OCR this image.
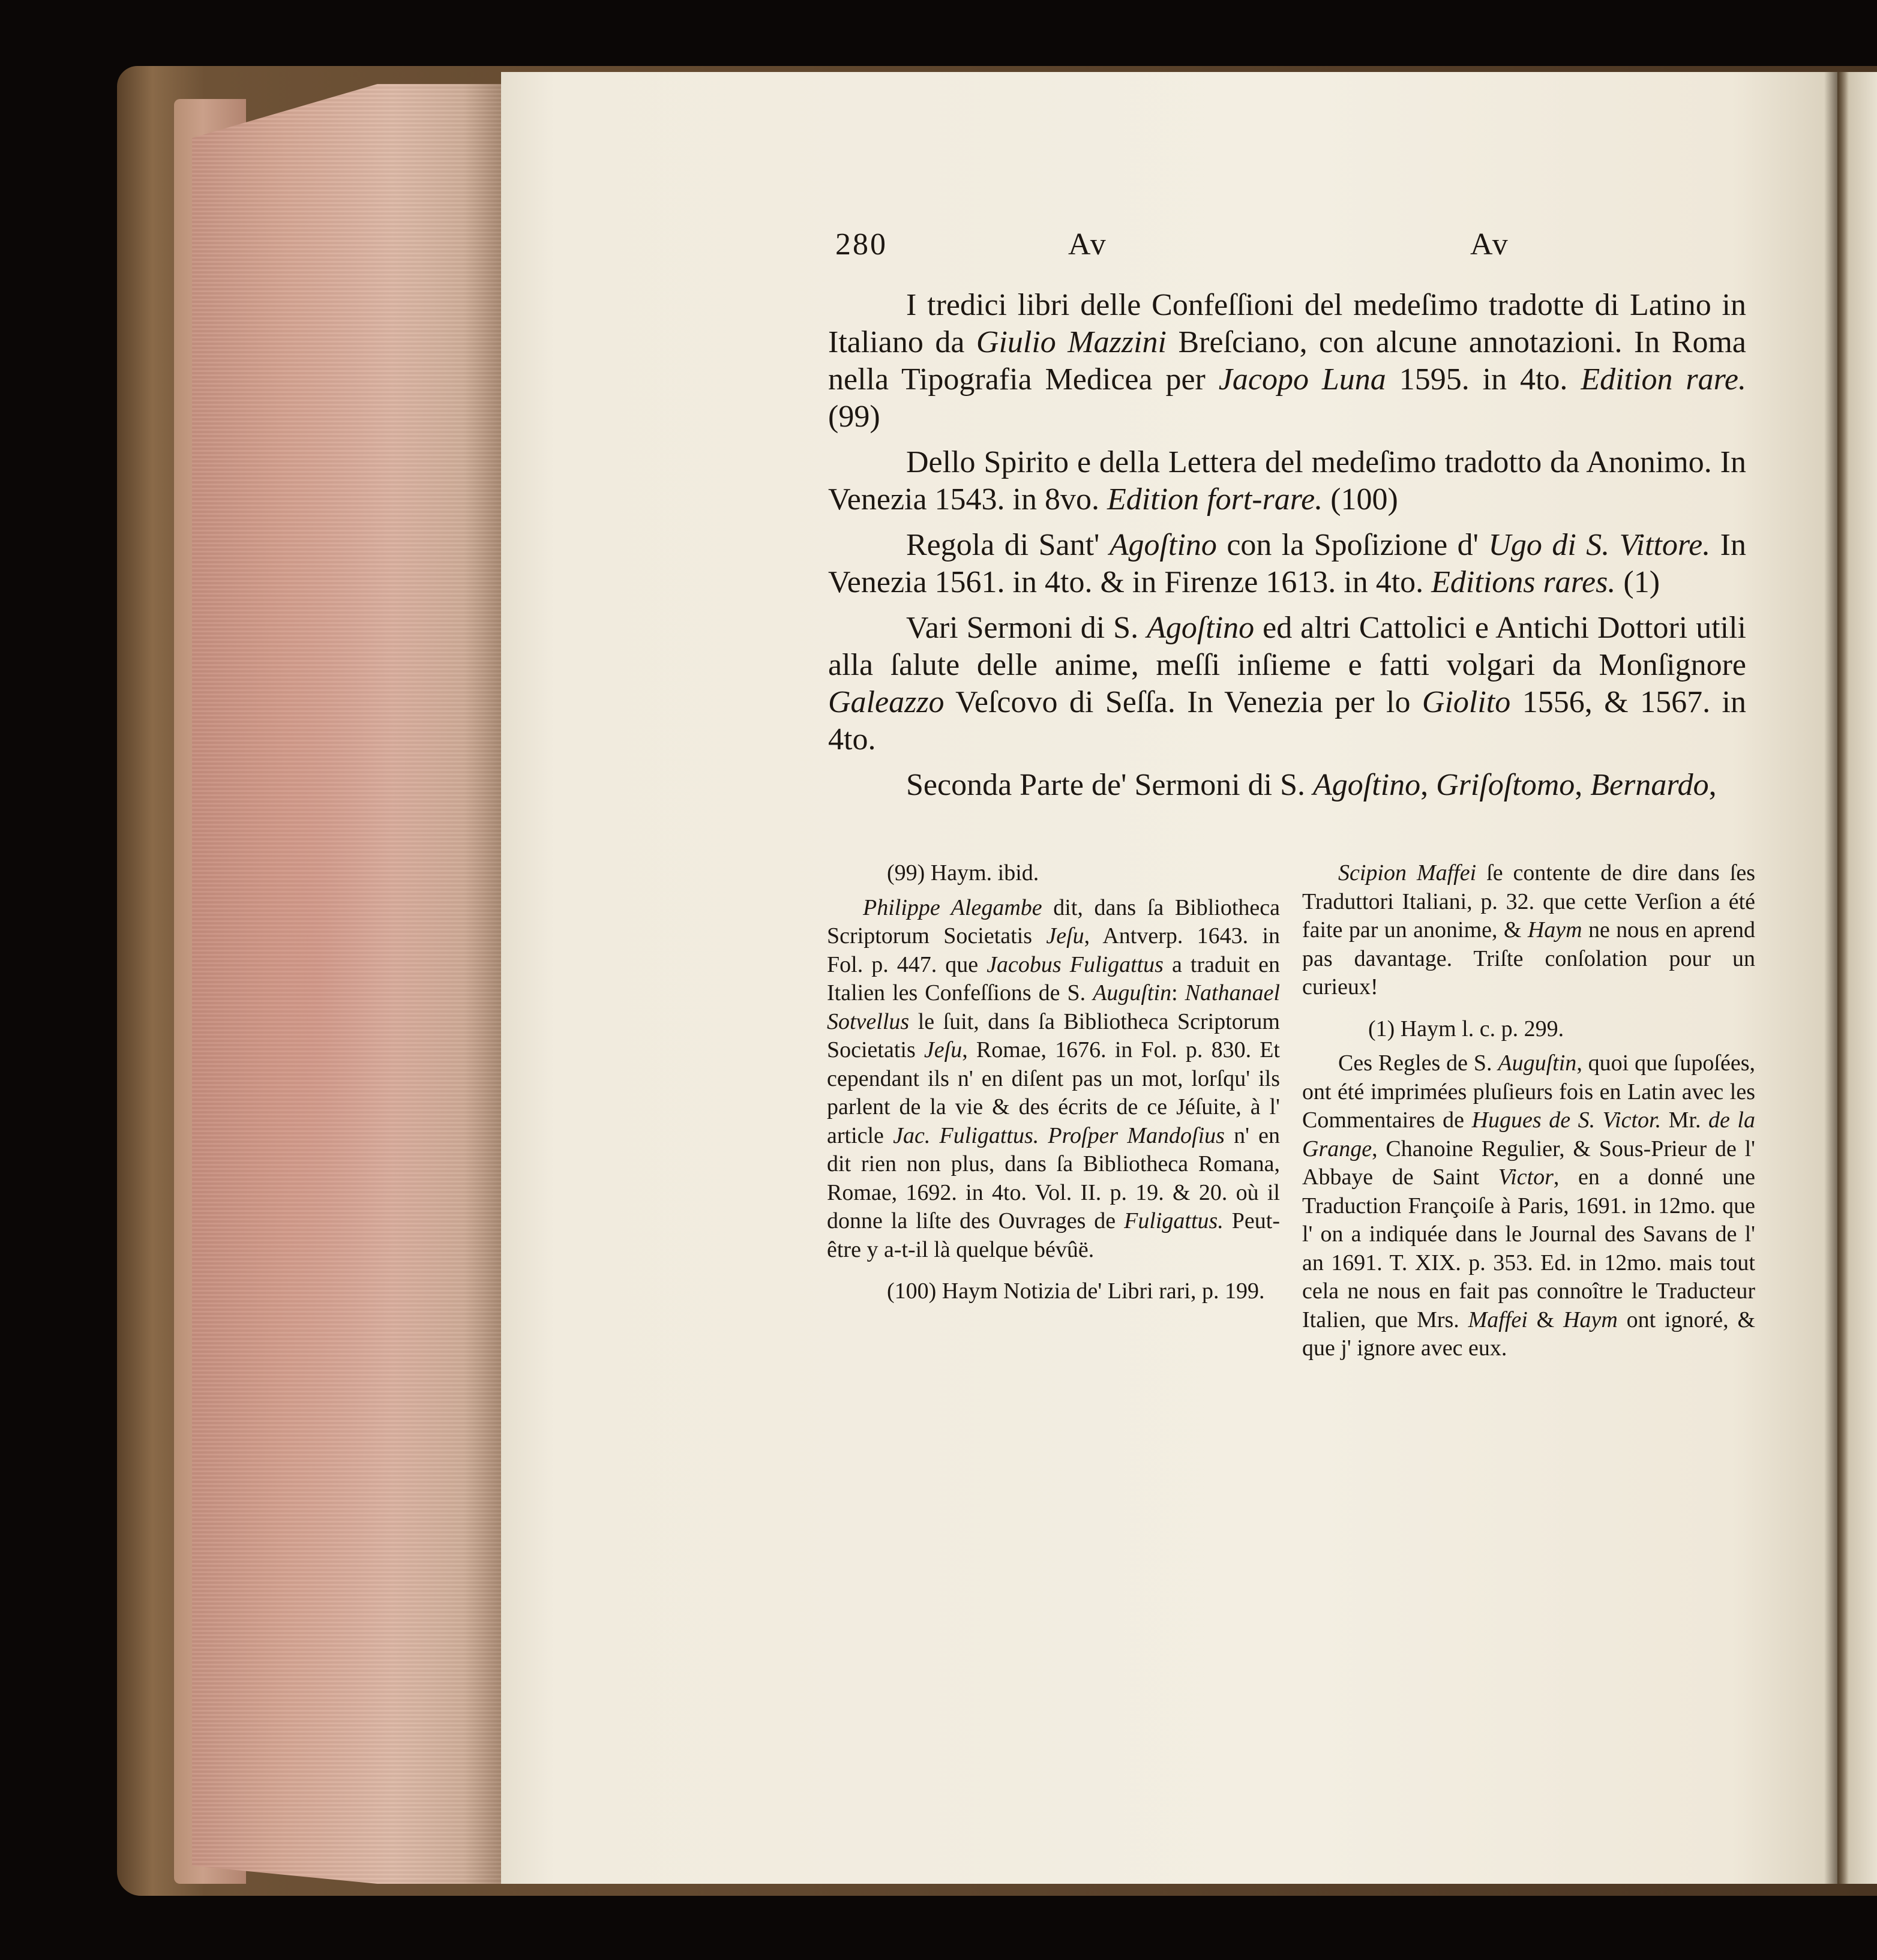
280	Av	Av

I tredici libri delle Confeſſioni del medeſimo tradotte di Latino in Italiano da Giulio Mazzini Breſciano, con alcune annotazioni. In Roma nella Tipografia Medicea per Jacopo Luna 1595. in 4to. Edition rare. (99)

Dello Spirito e della Lettera del medeſimo tradotto da Anonimo. In Venezia 1543. in 8vo. Edition fort-rare. (100)

Regola di Sant' Agoſtino con la Spoſizione d' Ugo di S. Vittore. In Venezia 1561. in 4to. & in Firenze 1613. in 4to. Editions rares. (1)

Vari Sermoni di S. Agoſtino ed altri Cattolici e Antichi Dottori utili alla ſalute delle anime, meſſi inſieme e fatti volgari da Monſignore Galeazzo Veſcovo di Seſſa. In Venezia per lo Giolito 1556, & 1567. in 4to.

Seconda Parte de' Sermoni di S. Agoſtino, Griſoſtomo, Bernardo,

(99) Haym. ibid.

Philippe Alegambe dit, dans ſa Bibliotheca Scriptorum Societatis Jeſu, Antverp. 1643. in Fol. p. 447. que Jacobus Fuligattus a traduit en Italien les Confeſſions de S. Auguſtin: Nathanael Sotvellus le ſuit, dans ſa Bibliotheca Scriptorum Societatis Jeſu, Romae, 1676. in Fol. p. 830. Et cependant ils n' en diſent pas un mot, lorſqu' ils parlent de la vie & des écrits de ce Jéſuite, à l' article Jac. Fuligattus. Proſper Mandoſius n' en dit rien non plus, dans ſa Bibliotheca Romana, Romae, 1692. in 4to. Vol. II. p. 19. & 20. où il donne la liſte des Ouvrages de Fuligattus. Peut-être y a-t-il là quelque bévûë.

(100) Haym Notizia de' Libri rari, p. 199.

Scipion Maffei ſe contente de dire dans ſes Traduttori Italiani, p. 32. que cette Verſion a été faite par un anonime, & Haym ne nous en aprend pas davantage. Triſte conſolation pour un curieux!

(1) Haym l. c. p. 299.

Ces Regles de S. Auguſtin, quoi que ſupoſées, ont été imprimées pluſieurs fois en Latin avec les Commentaires de Hugues de S. Victor. Mr. de la Grange, Chanoine Regulier, & Sous-Prieur de l' Abbaye de Saint Victor, en a donné une Traduction Françoiſe à Paris, 1691. in 12mo. que l' on a indiquée dans le Journal des Savans de l' an 1691. T. XIX. p. 353. Ed. in 12mo. mais tout cela ne nous en fait pas connoître le Traducteur Italien, que Mrs. Maffei & Haym ont ignoré, & que j' ignore avec eux.
